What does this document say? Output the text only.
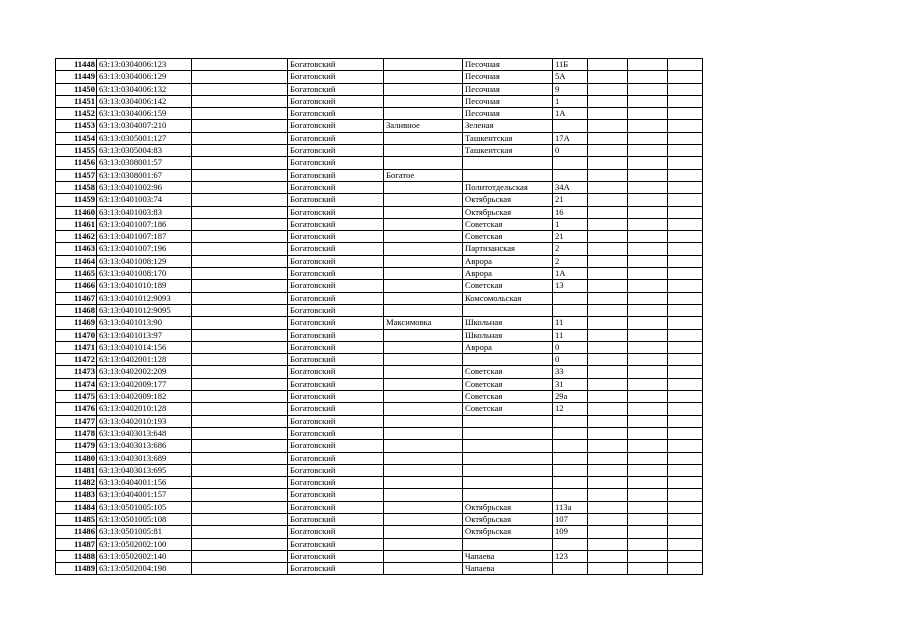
11448	63:13:0304006:123		Богатовский		Песочная	11Б			
11449	63:13:0304006:129		Богатовский		Песочная	5А			
11450	63:13:0304006:132		Богатовский		Песочная	9			
11451	63:13:0304006:142		Богатовский		Песочная	1			
11452	63:13:0304006:159		Богатовский		Песочная	1А			
11453	63:13:0304007:210		Богатовский	Заливное	Зеленая				
11454	63:13:0305001:127		Богатовский		Ташкентская	17А			
11455	63:13:0305004:83		Богатовский		Ташкентская	0			
11456	63:13:0308001:57		Богатовский						
11457	63:13:0308001:67		Богатовский	Богатое					
11458	63:13:0401002:96		Богатовский		Политотдельская	34А			
11459	63:13:0401003:74		Богатовский		Октябрьская	21			
11460	63:13:0401003:83		Богатовский		Октябрьская	16			
11461	63:13:0401007:186		Богатовский		Советская	1			
11462	63:13:0401007:187		Богатовский		Советская	21			
11463	63:13:0401007:196		Богатовский		Партизанская	2			
11464	63:13:0401008:129		Богатовский		Аврора	2			
11465	63:13:0401008:170		Богатовский		Аврора	1А			
11466	63:13:0401010:189		Богатовский		Советская	13			
11467	63:13:0401012:9093		Богатовский		Комсомольская				
11468	63:13:0401012:9095		Богатовский						
11469	63:13:0401013:90		Богатовский	Максимовка	Школьная	11			
11470	63:13:0401013:97		Богатовский		Школьная	11			
11471	63:13:0401014:156		Богатовский		Аврора	0			
11472	63:13:0402001:128		Богатовский			0			
11473	63:13:0402002:209		Богатовский		Советская	33			
11474	63:13:0402009:177		Богатовский		Советская	31			
11475	63:13:0402009:182		Богатовский		Советская	29а			
11476	63:13:0402010:128		Богатовский		Советская	12			
11477	63:13:0402010:193		Богатовский						
11478	63:13:0403013:648		Богатовский						
11479	63:13:0403013:686		Богатовский						
11480	63:13:0403013:689		Богатовский						
11481	63:13:0403013:695		Богатовский						
11482	63:13:0404001:156		Богатовский						
11483	63:13:0404001:157		Богатовский						
11484	63:13:0501005:105		Богатовский		Октябрьская	113а			
11485	63:13:0501005:108		Богатовский		Октябрьская	107			
11486	63:13:0501005:81		Богатовский		Октябрьская	109			
11487	63:13:0502002:100		Богатовский						
11488	63:13:0502002:140		Богатовский		Чапаева	123			
11489	63:13:0502004:198		Богатовский		Чапаева				
